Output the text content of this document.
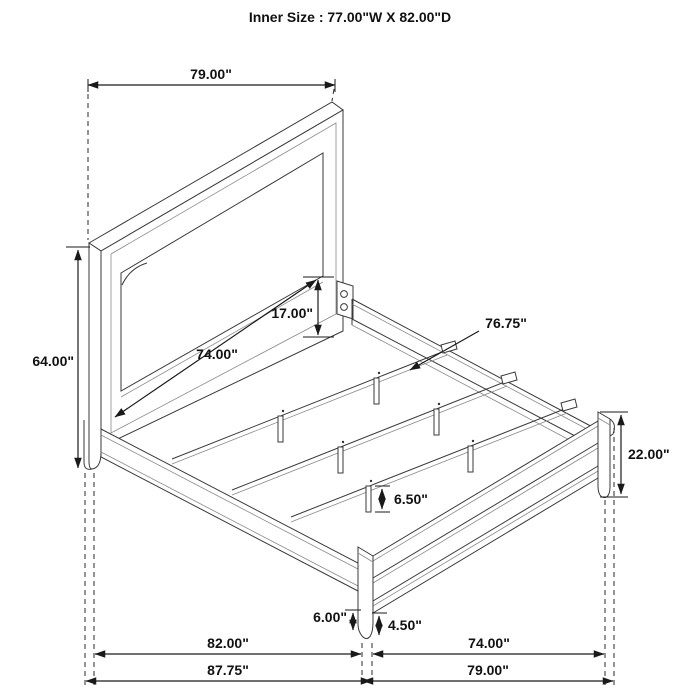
Inner Size : 77.00"W X 82.00"D
79.00"
64.00"
17.00"
74.00"
76.75"
22.00"
6.50"
6.00"	4.50"
82.00"	74.00"
87.75"	79.00"
